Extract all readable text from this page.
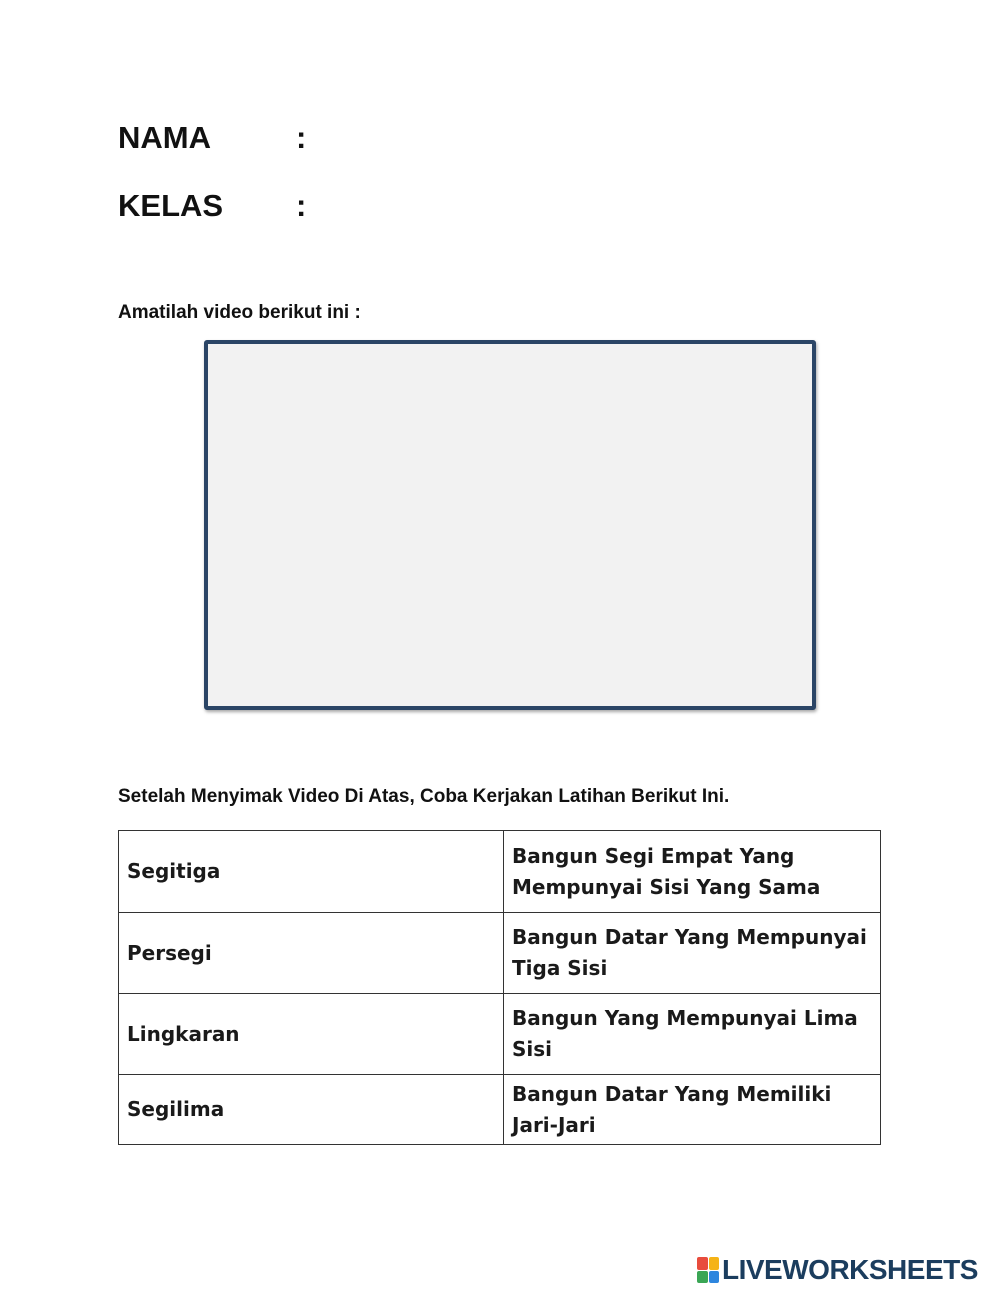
NAMA	:
KELAS	:
Amatilah video berikut ini :
Setelah Menyimak Video Di Atas, Coba Kerjakan Latihan Berikut Ini.
Segitiga	Bangun Segi Empat Yang Mempunyai Sisi Yang Sama
Persegi	Bangun Datar Yang Mempunyai Tiga Sisi
Lingkaran	Bangun Yang Mempunyai Lima Sisi
Segilima	Bangun Datar Yang Memiliki Jari-Jari
LIVEWORKSHEETS
